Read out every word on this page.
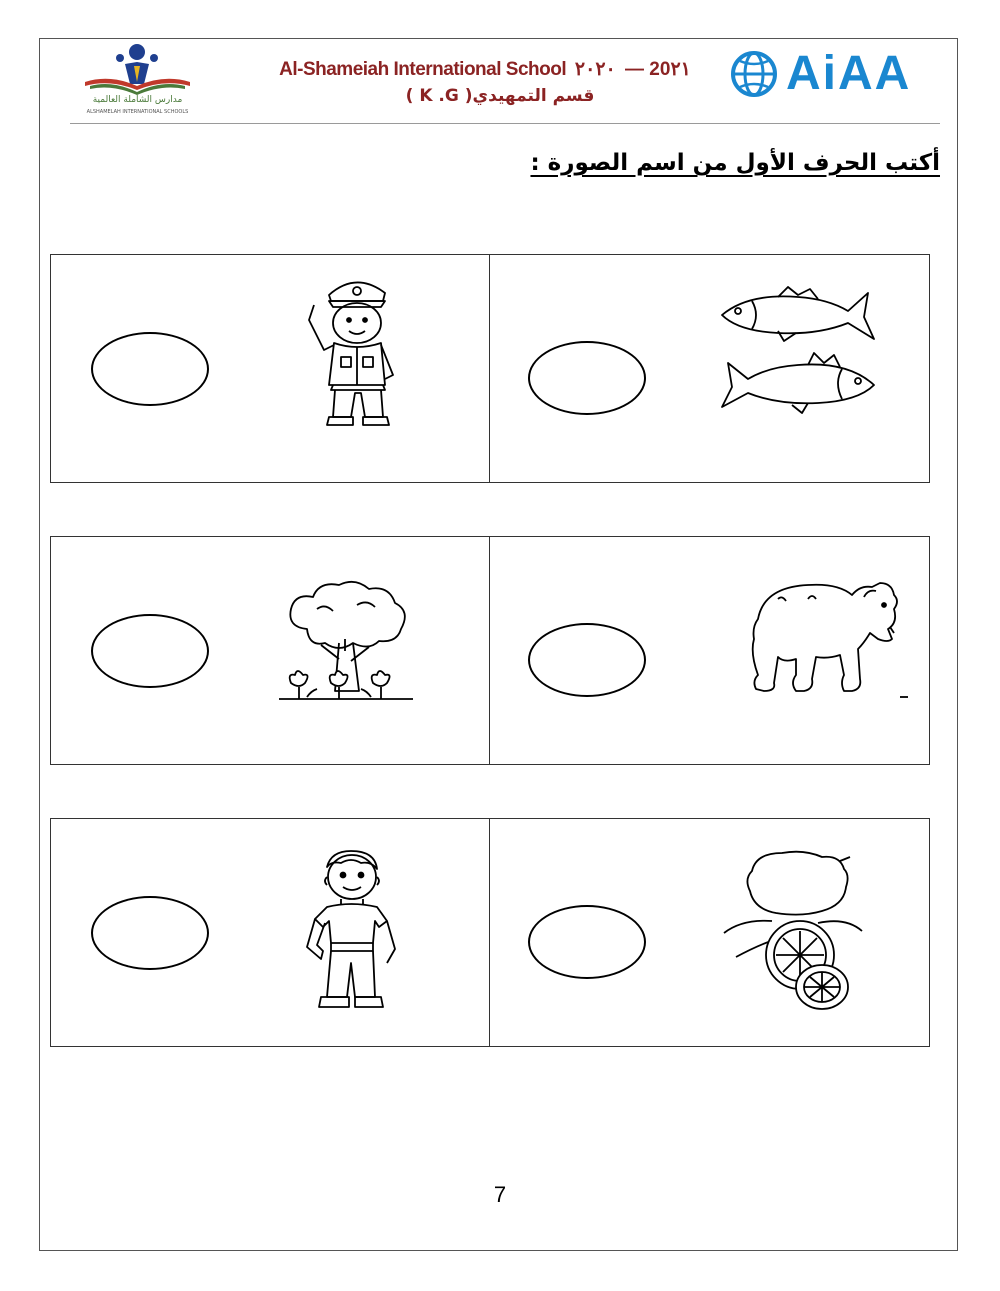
مدارس الشاملة العالمية
ALSHAMELAH INTERNATIONAL SCHOOLS
Al-Shameiah International School ٢٠٢٠ — 20٢١
قسم التمهيدي( K .G )	AiAA
أكتب الحرف الأول من اسم الصورة :
7
